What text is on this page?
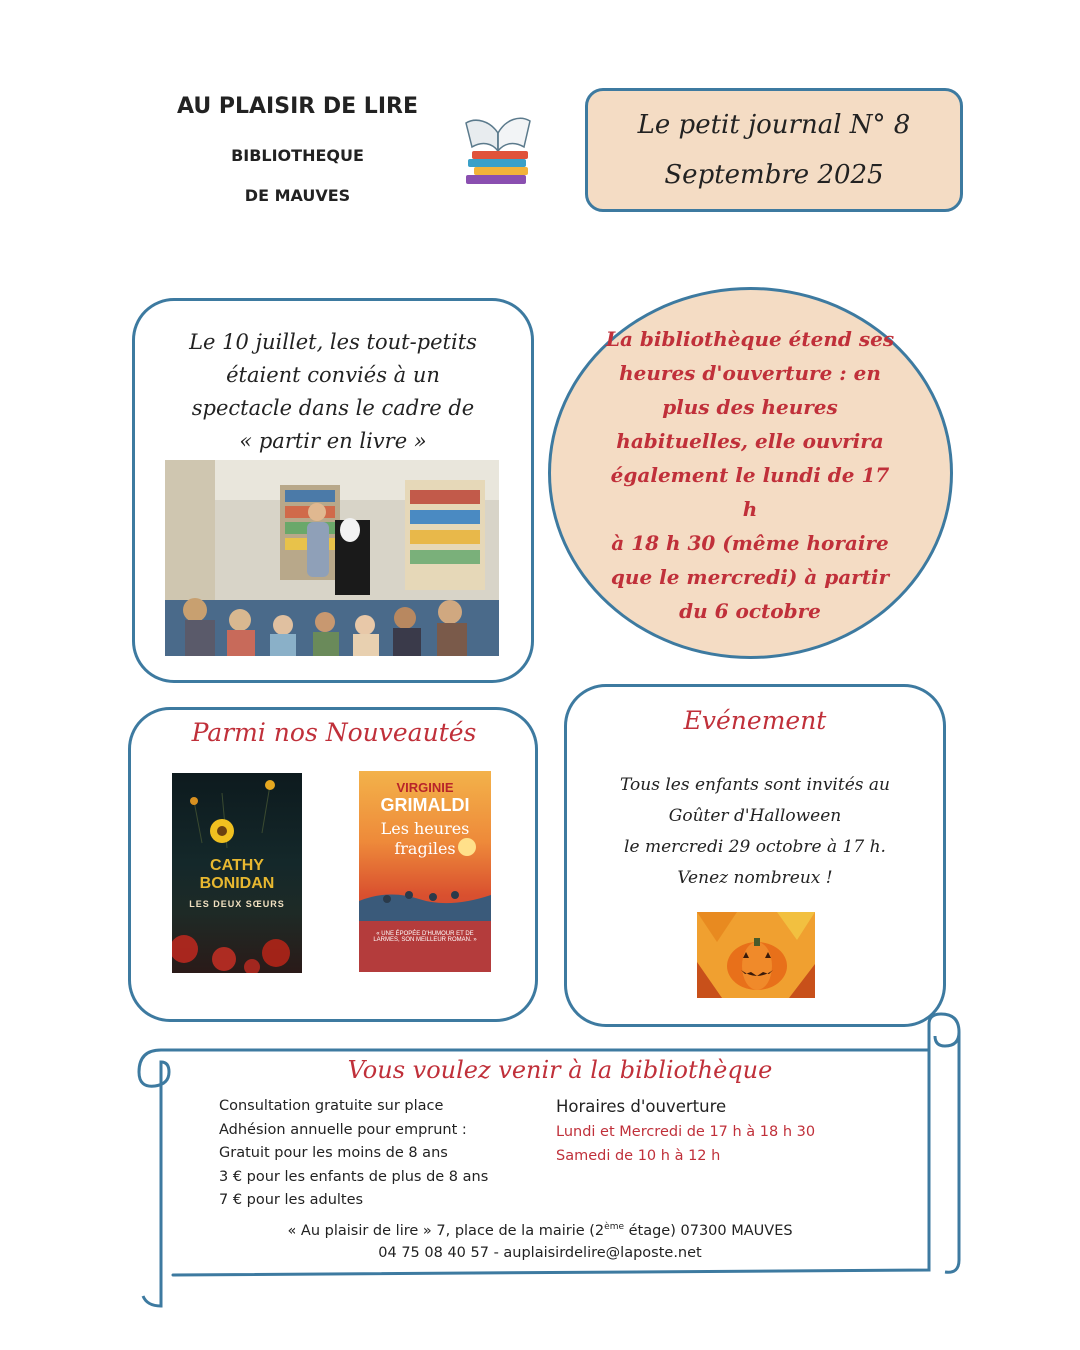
AU PLAISIR DE LIRE
BIBLIOTHEQUE
DE MAUVES
Le petit journal N° 8
Septembre 2025
Le 10 juillet, les tout-petits
étaient conviés à un
spectacle dans le cadre de
« partir en livre »
La bibliothèque étend ses
heures d'ouverture : en
plus des heures
habituelles, elle ouvrira
également le lundi de 17 h
à 18 h 30 (même horaire
que le mercredi) à partir
du 6 octobre
Parmi nos Nouveautés
CATHY
BONIDAN
LES DEUX SŒURS
VIRGINIE
GRIMALDI
Les heures
fragiles
« UNE ÉPOPÉE D'HUMOUR ET DE LARMES, SON MEILLEUR ROMAN. »
Evénement
Tous les enfants sont invités au
Goûter d'Halloween
le mercredi 29 octobre à 17 h.
Venez nombreux !
Vous voulez venir à la bibliothèque
Consultation gratuite sur place
Adhésion annuelle pour emprunt :
Gratuit pour les moins de 8 ans
3 € pour les enfants de plus de 8 ans
7 € pour les adultes
Horaires d'ouverture
Lundi et Mercredi de 17 h à 18 h 30
Samedi de 10 h à 12 h
« Au plaisir de lire » 7, place de la mairie (2ème étage) 07300 MAUVES
04 75 08 40 57 - auplaisirdelire@laposte.net
